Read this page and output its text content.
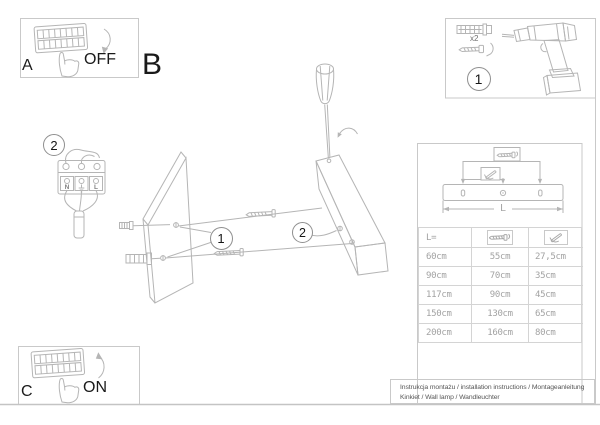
A	OFF B
C	ON
2
1
1	2
x2
N	L
L
L=
60cm	55cm	27,5cm
90cm	70cm	35cm
117cm	90cm	45cm
150cm	130cm	65cm
200cm	160cm	80cm
Instrukcja montażu / installation instructions / Montageanleitung
Kinkiet / Wall lamp / Wandleuchter
